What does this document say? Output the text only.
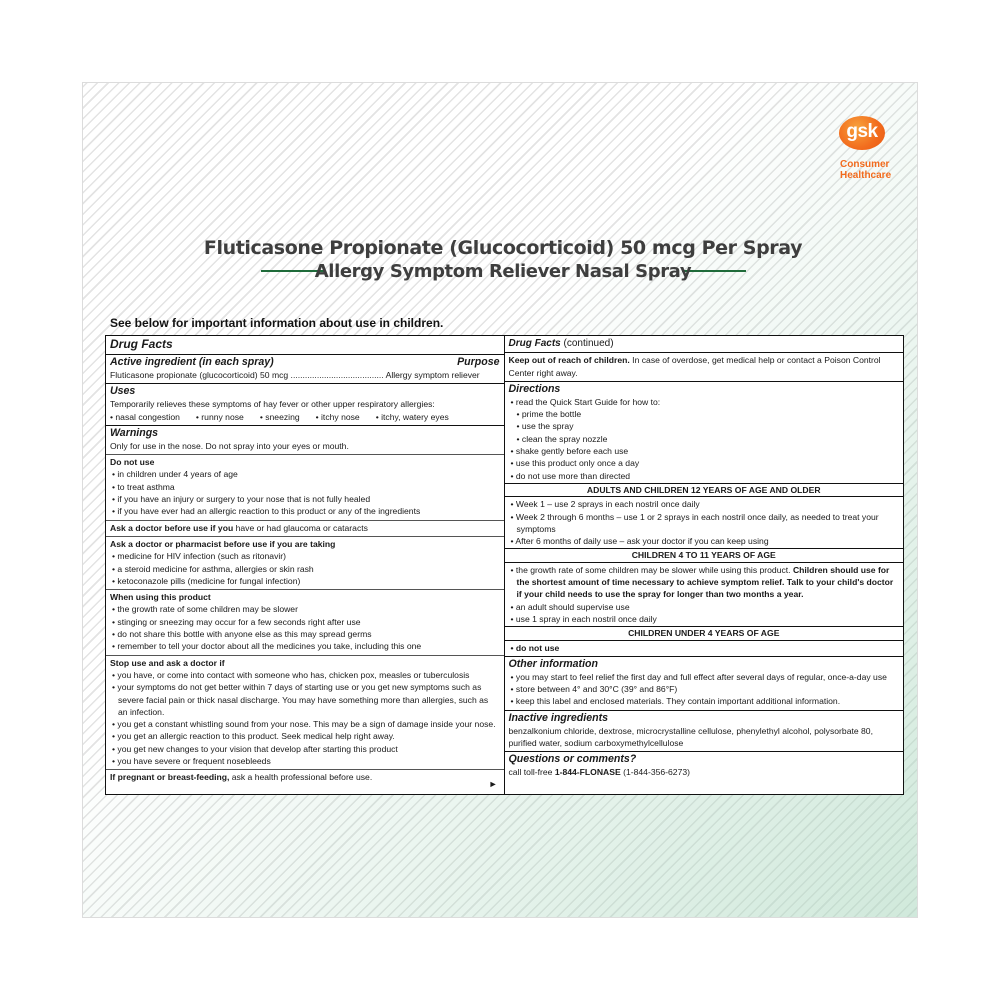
gsk
Consumer Healthcare
Fluticasone Propionate (Glucocorticoid) 50 mcg Per Spray
Allergy Symptom Reliever Nasal Spray
See below for important information about use in children.
Drug Facts
Active ingredient (in each spray)	Purpose
Fluticasone propionate (glucocorticoid) 50 mcg ....................................... Allergy symptom reliever
Uses
Temporarily relieves these symptoms of hay fever or other upper respiratory allergies:
• nasal congestion • runny nose • sneezing • itchy nose • itchy, watery eyes
Warnings
Only for use in the nose. Do not spray into your eyes or mouth.
Do not use
• in children under 4 years of age
• to treat asthma
• if you have an injury or surgery to your nose that is not fully healed
• if you have ever had an allergic reaction to this product or any of the ingredients
Ask a doctor before use if you have or had glaucoma or cataracts
Ask a doctor or pharmacist before use if you are taking
• medicine for HIV infection (such as ritonavir)
• a steroid medicine for asthma, allergies or skin rash
• ketoconazole pills (medicine for fungal infection)
When using this product
• the growth rate of some children may be slower
• stinging or sneezing may occur for a few seconds right after use
• do not share this bottle with anyone else as this may spread germs
• remember to tell your doctor about all the medicines you take, including this one
Stop use and ask a doctor if
• you have, or come into contact with someone who has, chicken pox, measles or tuberculosis
• your symptoms do not get better within 7 days of starting use or you get new symptoms such as severe facial pain or thick nasal discharge. You may have something more than allergies, such as an infection.
• you get a constant whistling sound from your nose. This may be a sign of damage inside your nose.
• you get an allergic reaction to this product. Seek medical help right away.
• you get new changes to your vision that develop after starting this product
• you have severe or frequent nosebleeds
If pregnant or breast-feeding, ask a health professional before use.
►
Drug Facts (continued)
Keep out of reach of children. In case of overdose, get medical help or contact a Poison Control Center right away.
Directions
• read the Quick Start Guide for how to:
• prime the bottle
• use the spray
• clean the spray nozzle
• shake gently before each use
• use this product only once a day
• do not use more than directed
ADULTS AND CHILDREN 12 YEARS OF AGE AND OLDER
• Week 1 – use 2 sprays in each nostril once daily
• Week 2 through 6 months – use 1 or 2 sprays in each nostril once daily, as needed to treat your symptoms
• After 6 months of daily use – ask your doctor if you can keep using
CHILDREN 4 TO 11 YEARS OF AGE
• the growth rate of some children may be slower while using this product. Children should use for the shortest amount of time necessary to achieve symptom relief. Talk to your child's doctor if your child needs to use the spray for longer than two months a year.
• an adult should supervise use
• use 1 spray in each nostril once daily
CHILDREN UNDER 4 YEARS OF AGE
• do not use
Other information
• you may start to feel relief the first day and full effect after several days of regular, once-a-day use
• store between 4° and 30°C (39° and 86°F)
• keep this label and enclosed materials. They contain important additional information.
Inactive ingredients
benzalkonium chloride, dextrose, microcrystalline cellulose, phenylethyl alcohol, polysorbate 80, purified water, sodium carboxymethylcellulose
Questions or comments?
call toll-free 1-844-FLONASE (1-844-356-6273)
